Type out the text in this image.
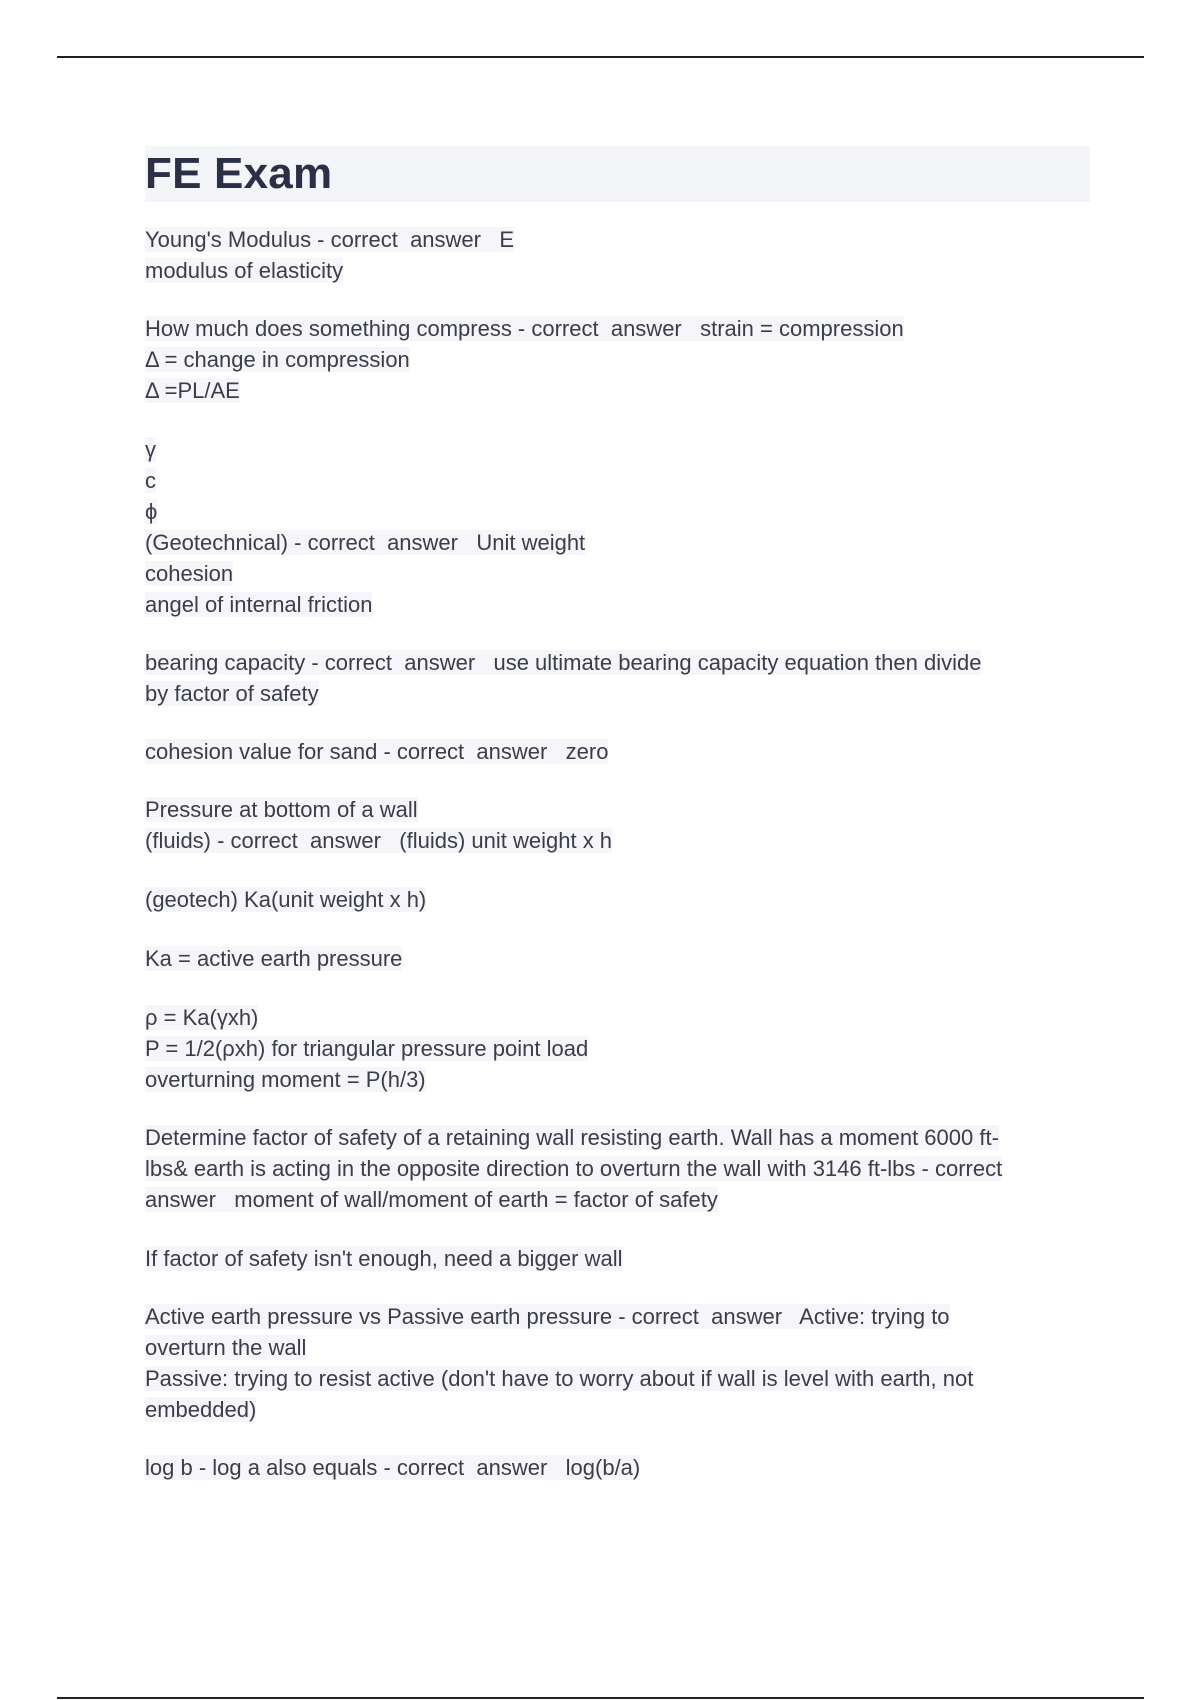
FE Exam
Young's Modulus - correct  answer   E
modulus of elasticity
How much does something compress - correct  answer   strain = compression
Δ = change in compression
Δ =PL/AE
γ
c
ϕ
(Geotechnical) - correct  answer   Unit weight
cohesion
angel of internal friction
bearing capacity - correct  answer   use ultimate bearing capacity equation then divide
by factor of safety
cohesion value for sand - correct  answer   zero
Pressure at bottom of a wall
(fluids) - correct  answer   (fluids) unit weight x h
(geotech) Ka(unit weight x h)
Ka = active earth pressure
ρ = Ka(γxh)
P = 1/2(ρxh) for triangular pressure point load
overturning moment = P(h/3)
Determine factor of safety of a retaining wall resisting earth. Wall has a moment 6000 ft-
lbs& earth is acting in the opposite direction to overturn the wall with 3146 ft-lbs - correct
answer   moment of wall/moment of earth = factor of safety
If factor of safety isn't enough, need a bigger wall
Active earth pressure vs Passive earth pressure - correct  answer   Active: trying to
overturn the wall
Passive: trying to resist active (don't have to worry about if wall is level with earth, not
embedded)
log b - log a also equals - correct  answer   log(b/a)
